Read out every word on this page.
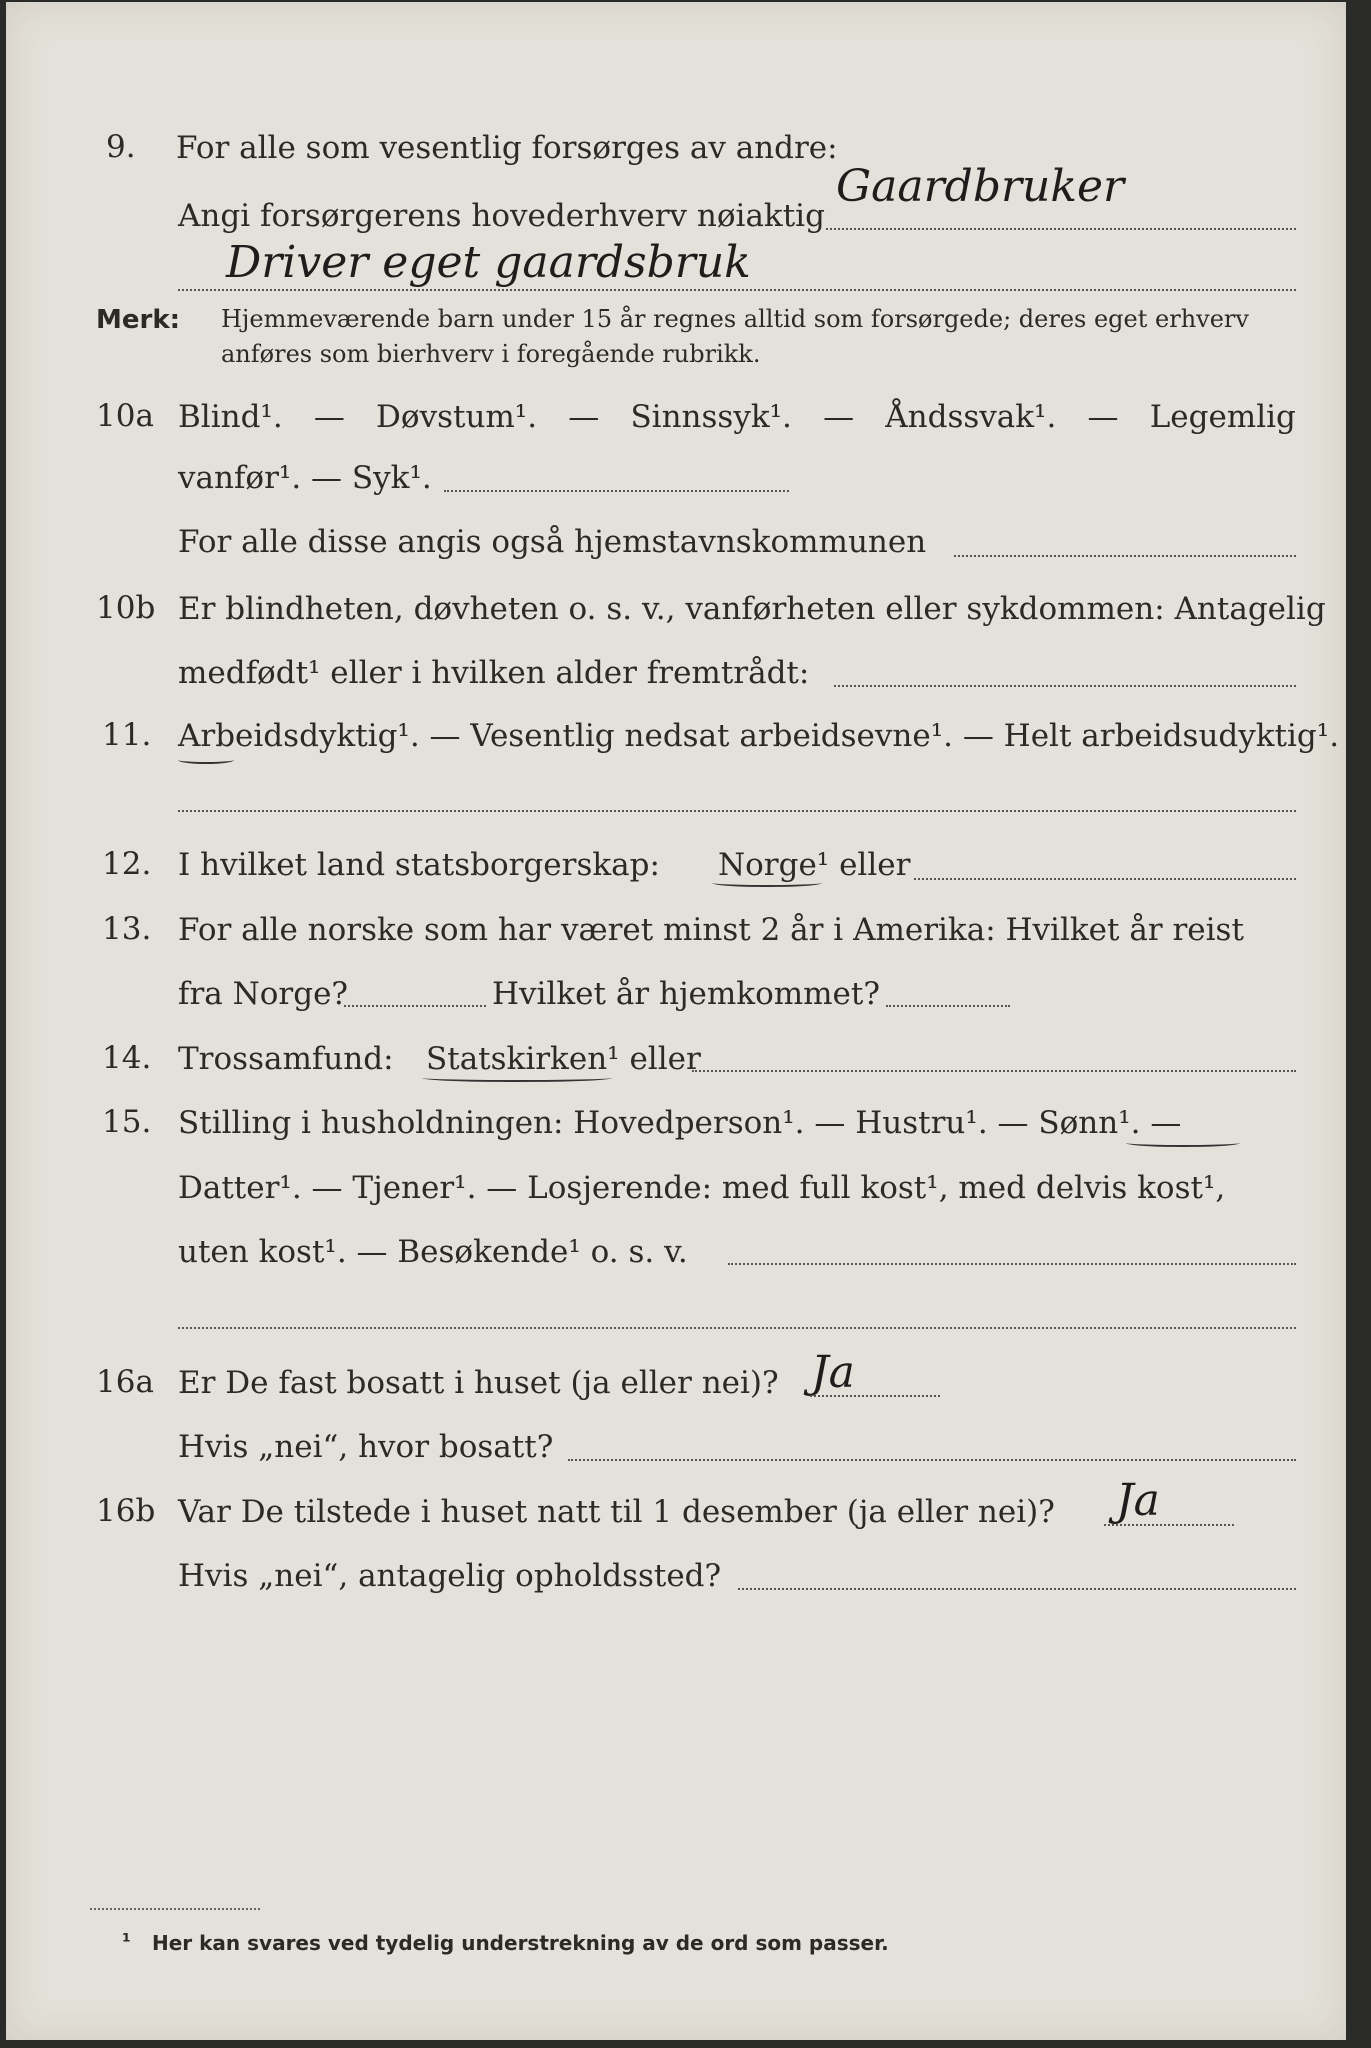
9. For alle som vesentlig forsørges av andre:
Gaardbruker
Angi forsørgerens hovederhverv nøiaktig
Driver eget gaardsbruk
Merk: Hjemmeværende barn under 15 år regnes alltid som forsørgede; deres eget erhverv
anføres som bierhverv i foregående rubrikk.
10a Blind¹. — Døvstum¹. — Sinnssyk¹. — Åndssvak¹. — Legemlig
vanfør¹. — Syk¹.
For alle disse angis også hjemstavnskommunen
10b Er blindheten, døvheten o. s. v., vanførheten eller sykdommen: Antagelig
medfødt¹ eller i hvilken alder fremtrådt:
11. Arbeidsdyktig¹. — Vesentlig nedsat arbeidsevne¹. — Helt arbeidsudyktig¹.
12. I hvilket land statsborgerskap: Norge¹ eller
13. For alle norske som har været minst 2 år i Amerika: Hvilket år reist
fra Norge?	Hvilket år hjemkommet?
14. Trossamfund: Statskirken¹ eller
15. Stilling i husholdningen: Hovedperson¹. — Hustru¹. — Sønn¹. —
Datter¹. — Tjener¹. — Losjerende: med full kost¹, med delvis kost¹,
uten kost¹. — Besøkende¹ o. s. v.
16a Er De fast bosatt i huset (ja eller nei)? Ja
Hvis „nei“, hvor bosatt?
16b Var De tilstede i huset natt til 1 desember (ja eller nei)? Ja
Hvis „nei“, antagelig opholdssted?
¹ Her kan svares ved tydelig understrekning av de ord som passer.
